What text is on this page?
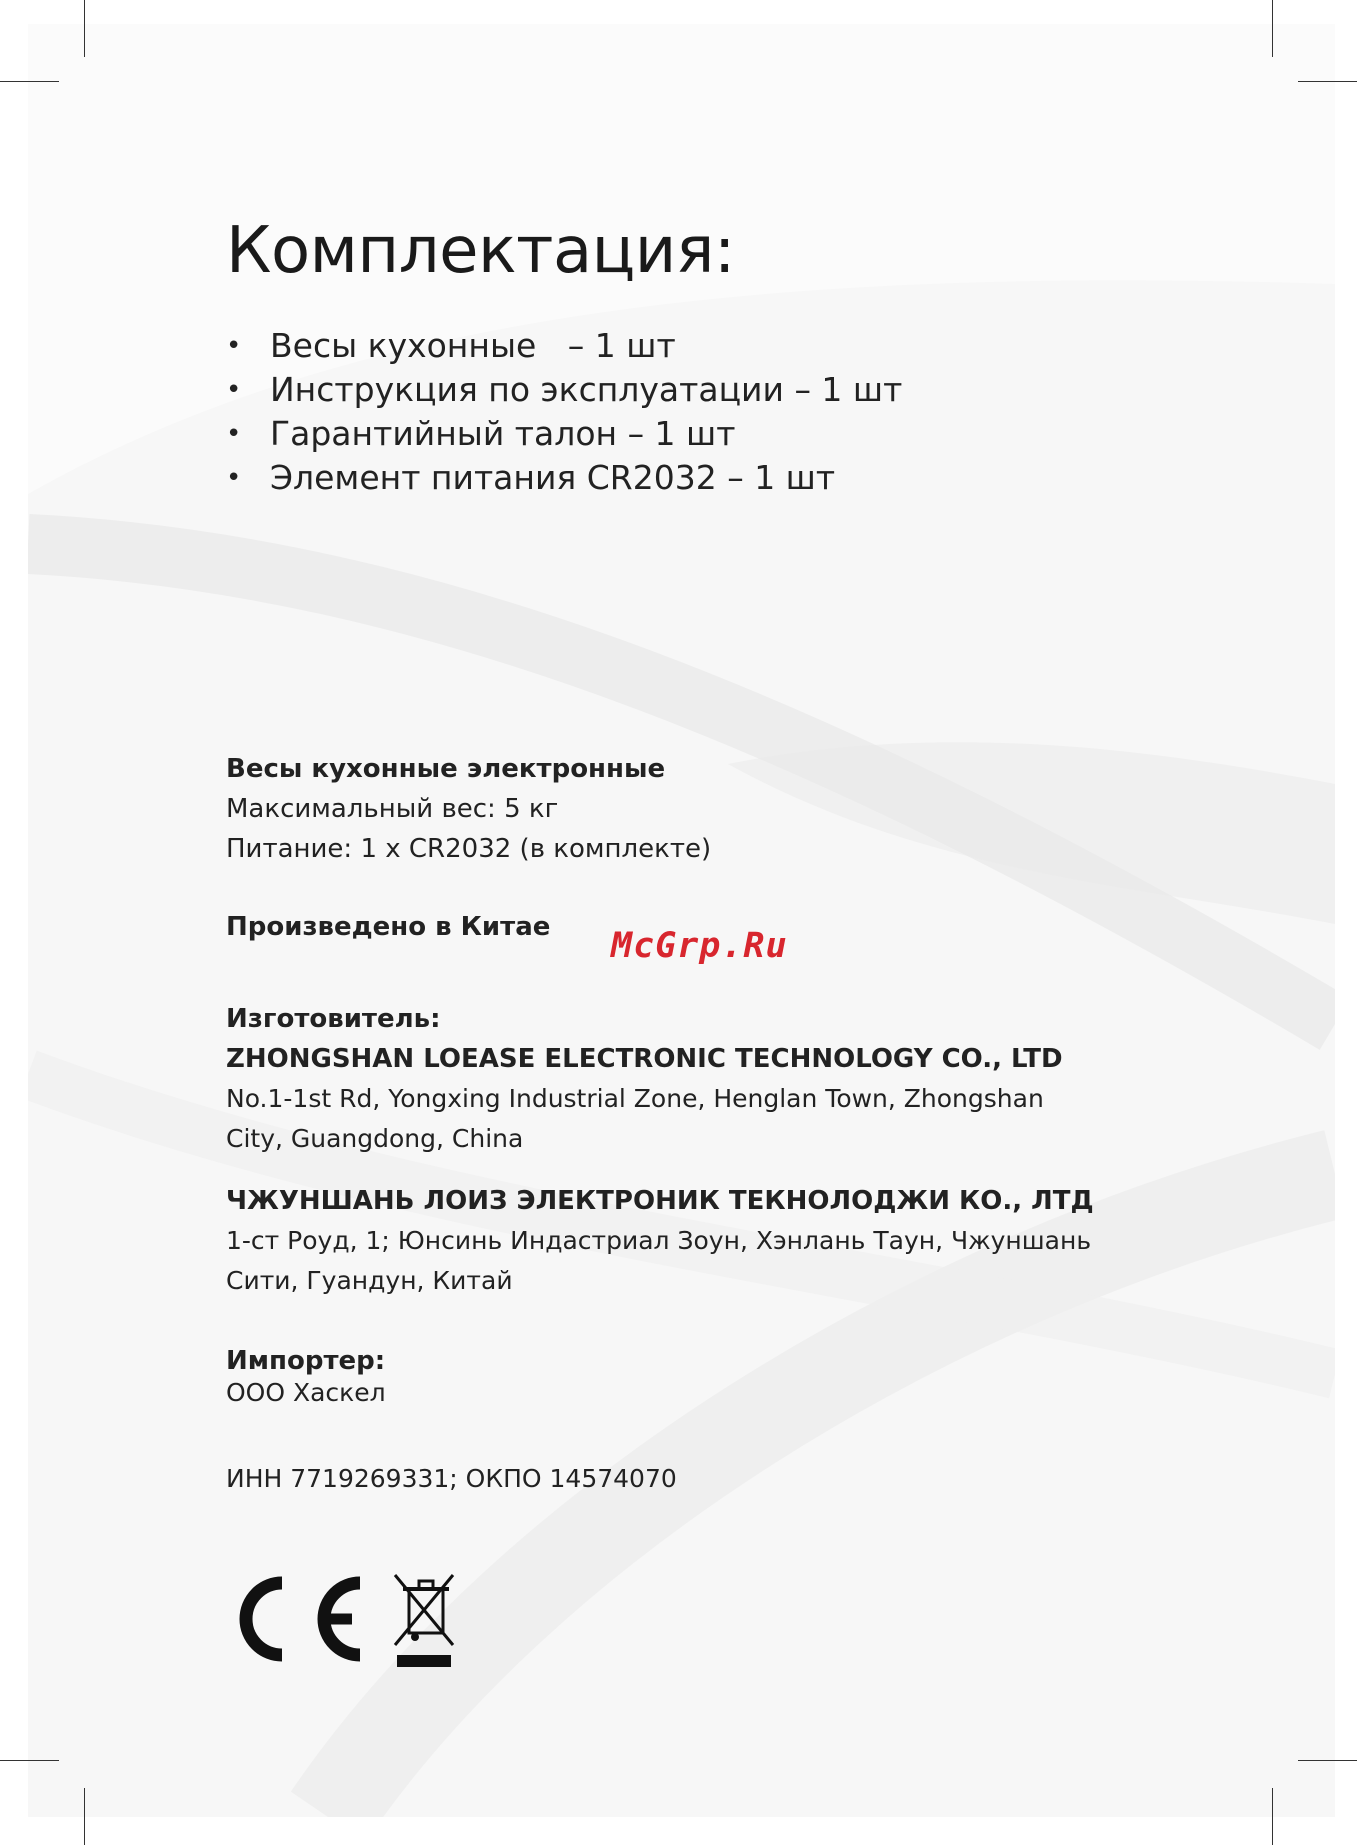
Комплектация:
• Весы кухонные   – 1 шт
• Инструкция по эксплуатации – 1 шт
• Гарантийный талон – 1 шт
• Элемент питания CR2032 – 1 шт

Весы кухонные электронные

Максимальный вес: 5 кг

Питание: 1 х CR2032 (в комплекте)

Произведено в Китае McGrp.Ru

Изготовитель:

ZHONGSHAN LOEASE ELECTRONIC TECHNOLOGY CO., LTD

No.1-1st Rd, Yongxing Industrial Zone, Henglan Town, Zhongshan

City, Guangdong, China

ЧЖУНШАНЬ ЛОИЗ ЭЛЕКТРОНИК ТЕКНОЛОДЖИ КО., ЛТД

1-ст Роуд, 1; Юнсинь Индастриал Зоун, Хэнлань Таун, Чжуншань

Сити, Гуандун, Китай

Импортер:

ООО Хаскел

ИНН 7719269331; ОКПО 14574070
